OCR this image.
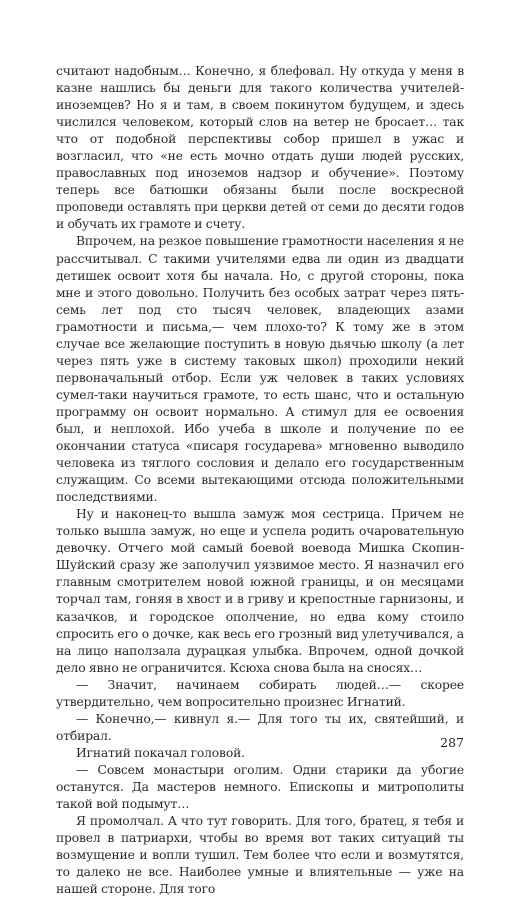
считают надобным… Конечно, я блефовал. Ну откуда у меня в казне нашлись бы деньги для такого количества учителей-иноземцев? Но я и там, в своем покинутом будущем, и здесь числился человеком, который слов на ветер не бросает… так что от подобной перспективы собор пришел в ужас и возгласил, что «не есть мочно отдать души людей русских, православных под иноземов надзор и обучение». Поэтому теперь все батюшки обязаны были после воскресной проповеди оставлять при церкви детей от семи до десяти годов и обучать их грамоте и счету.

Впрочем, на резкое повышение грамотности населения я не рассчитывал. С такими учителями едва ли один из двадцати детишек освоит хотя бы начала. Но, с другой стороны, пока мне и этого довольно. Получить без особых затрат через пять-семь лет под сто тысяч человек, владеющих азами грамотности и письма,— чем плохо-то? К тому же в этом случае все желающие поступить в новую дьячью школу (а лет через пять уже в систему таковых школ) проходили некий первоначальный отбор. Если уж человек в таких условиях сумел-таки научиться грамоте, то есть шанс, что и остальную программу он освоит нормально. А стимул для ее освоения был, и неплохой. Ибо учеба в школе и получение по ее окончании статуса «писаря государева» мгновенно выводило человека из тяглого сословия и делало его государственным служащим. Со всеми вытекающими отсюда положительными последствиями.

Ну и наконец-то вышла замуж моя сестрица. Причем не только вышла замуж, но еще и успела родить очаровательную девочку. Отчего мой самый боевой воевода Мишка Скопин-Шуйский сразу же заполучил уязвимое место. Я назначил его главным смотрителем новой южной границы, и он месяцами торчал там, гоняя в хвост и в гриву и крепостные гарнизоны, и казачков, и городское ополчение, но едва кому стоило спросить его о дочке, как весь его грозный вид улетучивался, а на лицо наползала дурацкая улыбка. Впрочем, одной дочкой дело явно не ограничится. Ксюха снова была на сносях…

— Значит, начинаем собирать людей…— скорее утвердительно, чем вопросительно произнес Игнатий.

— Конечно,— кивнул я.— Для того ты их, святейший, и отбирал.

Игнатий покачал головой.

— Совсем монастыри оголим. Одни старики да убогие останутся. Да мастеров немного. Епископы и митрополиты такой вой подымут…

Я промолчал. А что тут говорить. Для того, братец, я тебя и провел в патриархи, чтобы во время вот таких ситуаций ты возмущение и вопли тушил. Тем более что если и возмутятся, то далеко не все. Наиболее умные и влиятельные — уже на нашей стороне. Для того

287
